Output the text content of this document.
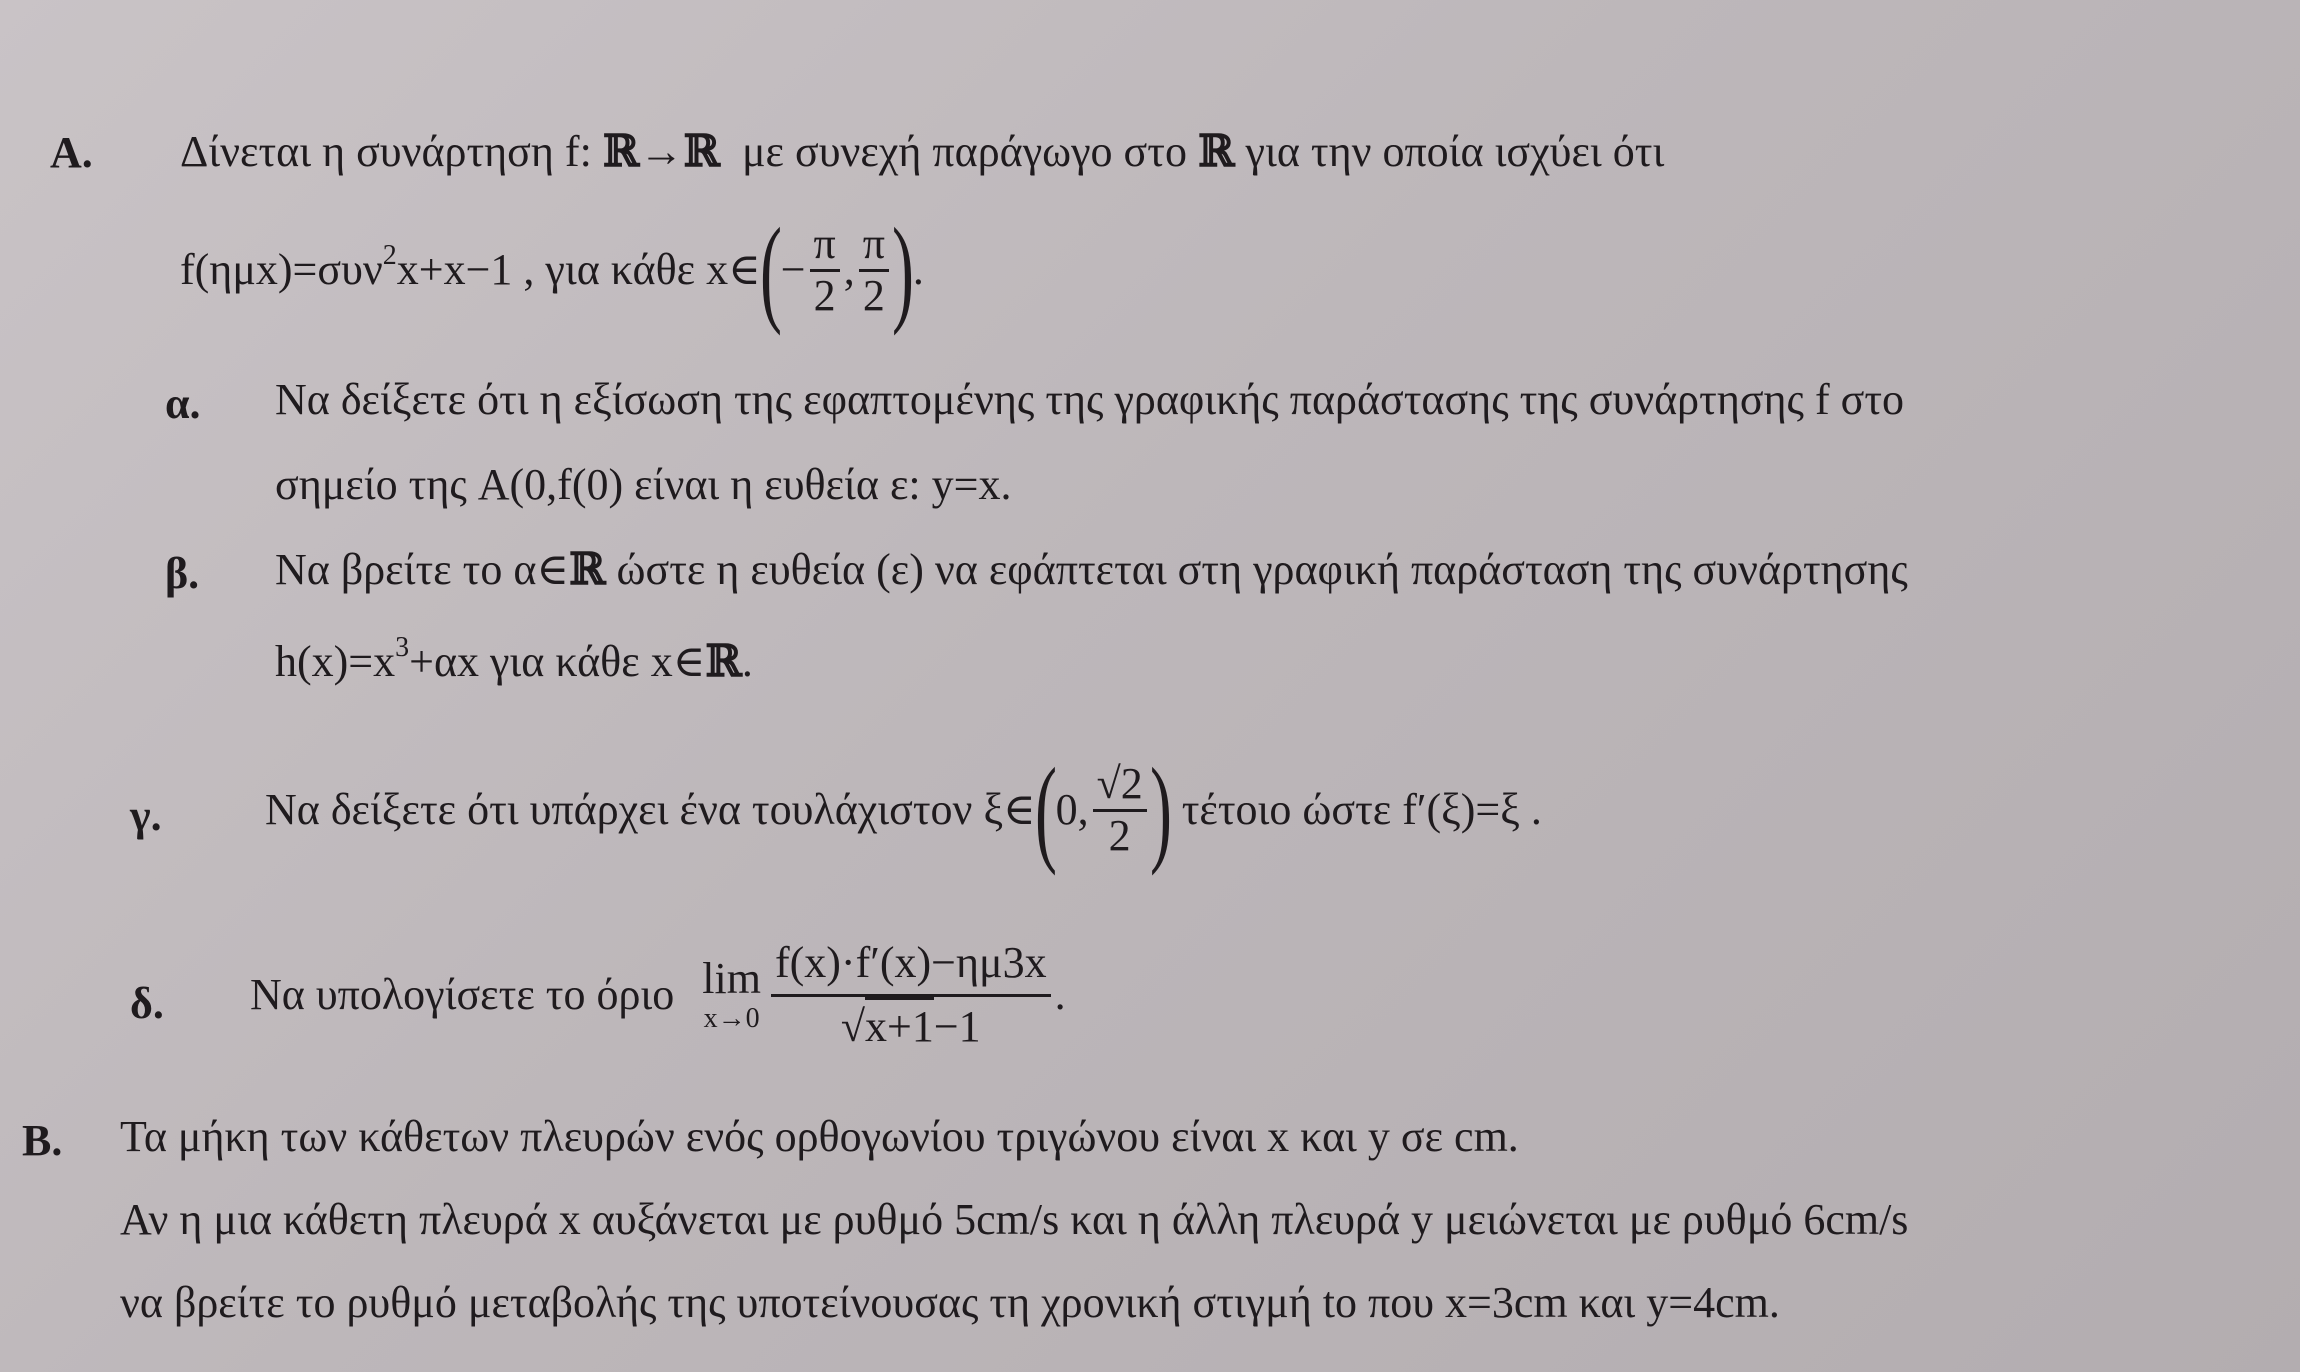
A. Δίνεται η συνάρτηση f:
ℝ → ℝ
με συνεχή παράγωγο στο
ℝ
για την οποία ισχύει ότι
f(ημx)=συν$^2$ x+x−1 , για κάθε x∈
(
− $\frac{\pi}{2}$ , $\frac{\pi}{2}$ )
.
α. Να δείξετε ότι η εξίσωση της εφαπτομένης της γραφικής παράστασης της συνάρτησης f στο
σημείο της A(0,f(0) είναι η ευθεία ε: y=x.
β. Να βρείτε το α∈ ℝ
ώστε η ευθεία (ε) να εφάπτεται στη γραφική παράσταση της συνάρτησης
$h(x)=x^3 +\alpha x$ για κάθε x∈ ℝ .
γ. Να δείξετε ότι υπάρχει ένα τουλάχιστον ξ∈
(
0, $\frac{√2}{2}$ )
τέτοιο ώστε f′(ξ)=ξ .
δ. Να υπολογίσετε το όριο
lim
$x\to 0 \frac{f(x)\cdot f'(x)-\eta\mu 3x}{√x+1-1}$ .
B. Τα μήκη των κάθετων πλευρών ενός ορθογωνίου τριγώνου είναι x και y σε cm.
Αν η μια κάθετη πλευρά x αυξάνεται με ρυθμό 5cm/s και η άλλη πλευρά y μειώνεται με ρυθμό 6cm/s
να βρείτε το ρυθμό μεταβολής της υποτείνουσας τη χρονική στιγμή to που x=3cm και y=4cm.
